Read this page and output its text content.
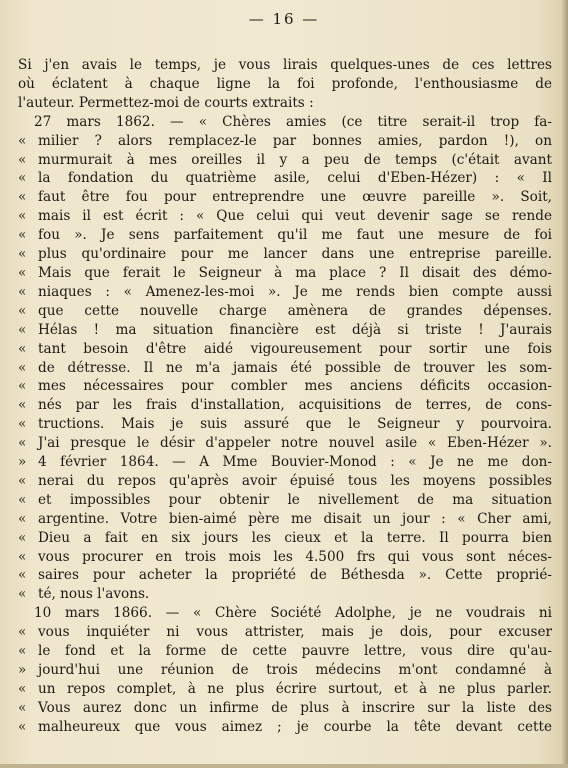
— 16 —
Si j'en avais le temps, je vous lirais quelques-unes de ces lettres
où éclatent à chaque ligne la foi profonde, l'enthousiasme de
l'auteur. Permettez-moi de courts extraits :
27 mars 1862. — « Chères amies (ce titre serait-il trop fa-
« milier ? alors remplacez-le par bonnes amies, pardon !), on
« murmurait à mes oreilles il y a peu de temps (c'était avant
« la fondation du quatrième asile, celui d'Eben-Hézer) : « Il
« faut être fou pour entreprendre une œuvre pareille ». Soit,
« mais il est écrit : « Que celui qui veut devenir sage se rende
« fou ». Je sens parfaitement qu'il me faut une mesure de foi
« plus qu'ordinaire pour me lancer dans une entreprise pareille.
« Mais que ferait le Seigneur à ma place ? Il disait des démo-
« niaques : « Amenez-les-moi ». Je me rends bien compte aussi
« que cette nouvelle charge amènera de grandes dépenses.
« Hélas ! ma situation financière est déjà si triste ! J'aurais
« tant besoin d'être aidé vigoureusement pour sortir une fois
« de détresse. Il ne m'a jamais été possible de trouver les som-
« mes nécessaires pour combler mes anciens déficits occasion-
« nés par les frais d'installation, acquisitions de terres, de cons-
« tructions. Mais je suis assuré que le Seigneur y pourvoira.
« J'ai presque le désir d'appeler notre nouvel asile « Eben-Hézer ».
» 4 février 1864. — A Mme Bouvier-Monod : « Je ne me don-
« nerai du repos qu'après avoir épuisé tous les moyens possibles
« et impossibles pour obtenir le nivellement de ma situation
« argentine. Votre bien-aimé père me disait un jour : « Cher ami,
« Dieu a fait en six jours les cieux et la terre. Il pourra bien
« vous procurer en trois mois les 4.500 frs qui vous sont néces-
« saires pour acheter la propriété de Béthesda ». Cette proprié-
« té, nous l'avons.
10 mars 1866. — « Chère Société Adolphe, je ne voudrais ni
« vous inquiéter ni vous attrister, mais je dois, pour excuser
« le fond et la forme de cette pauvre lettre, vous dire qu'au-
» jourd'hui une réunion de trois médecins m'ont condamné à
« un repos complet, à ne plus écrire surtout, et à ne plus parler.
« Vous aurez donc un infirme de plus à inscrire sur la liste des
« malheureux que vous aimez ; je courbe la tête devant cette
